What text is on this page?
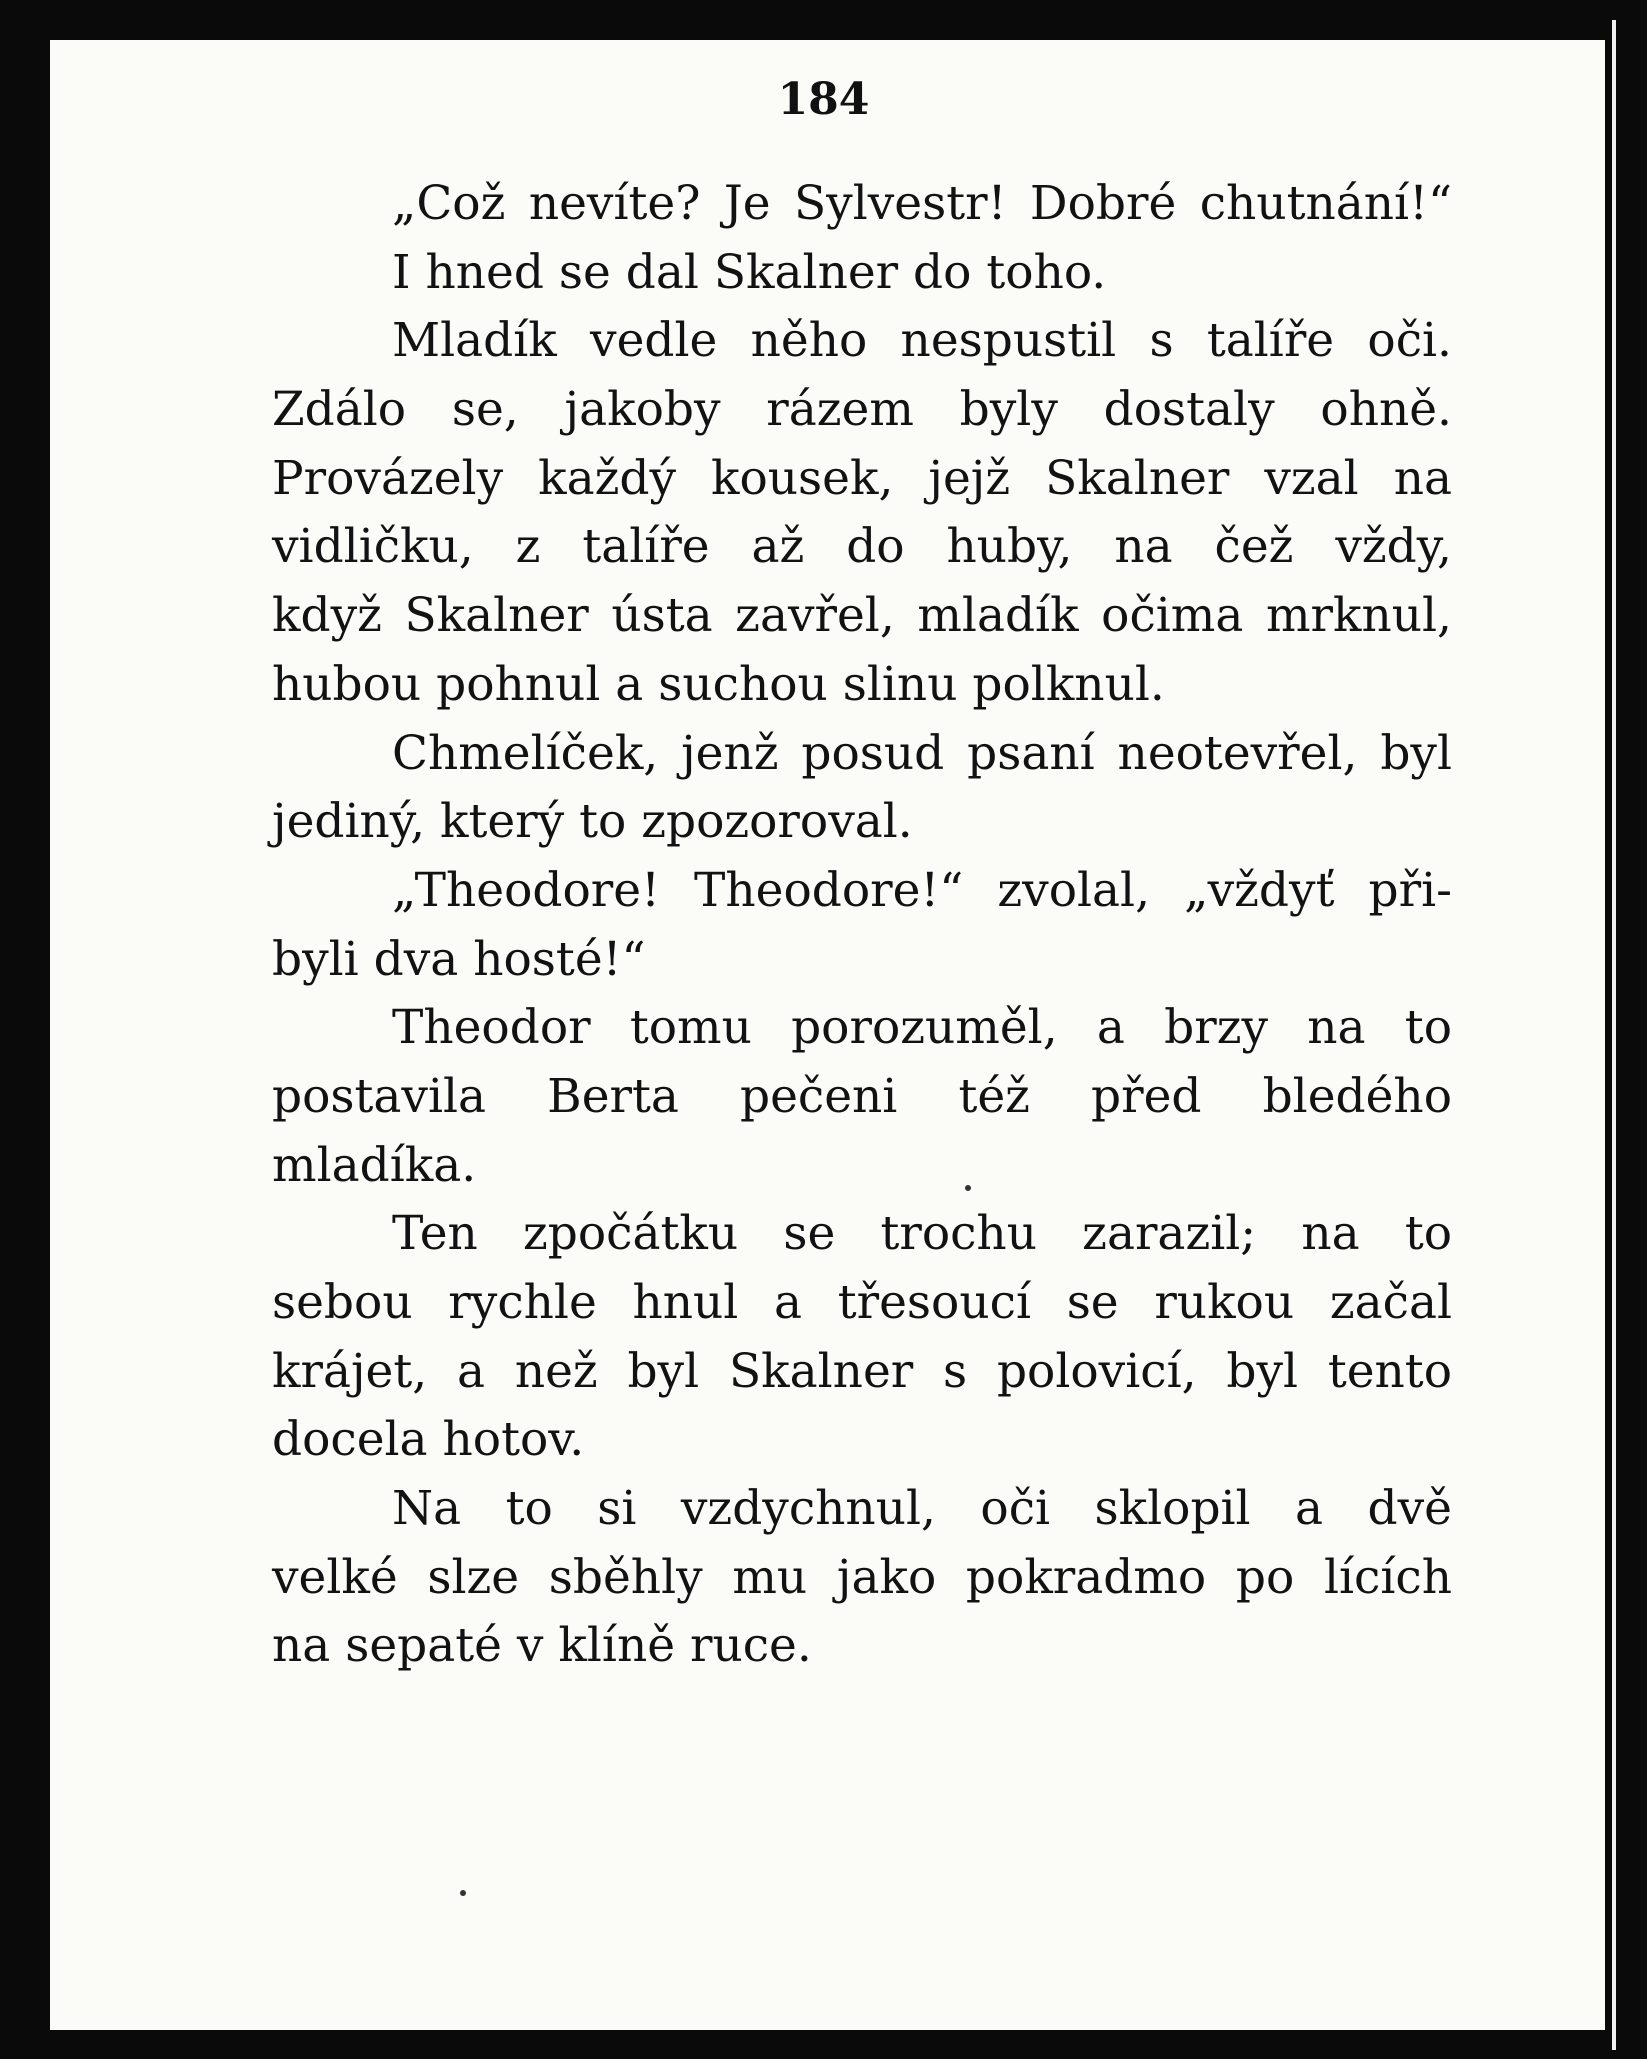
184
„Což nevíte? Je Sylvestr! Dobré chutnání!“
I hned se dal Skalner do toho.
Mladík vedle něho nespustil s talíře oči.
Zdálo se, jakoby rázem byly dostaly ohně.
Provázely každý kousek, jejž Skalner vzal na
vidličku, z talíře až do huby, na čež vždy,
když Skalner ústa zavřel, mladík očima mrknul,
hubou pohnul a suchou slinu polknul.
Chmelíček, jenž posud psaní neotevřel, byl
jediný, který to zpozoroval.
„Theodore! Theodore!“ zvolal, „vždyť při-
byli dva hosté!“
Theodor tomu porozuměl, a brzy na to
postavila Berta pečeni též před bledého
mladíka.
Ten zpočátku se trochu zarazil; na to
sebou rychle hnul a třesoucí se rukou začal
krájet, a než byl Skalner s polovicí, byl tento
docela hotov.
Na to si vzdychnul, oči sklopil a dvě
velké slze sběhly mu jako pokradmo po lících
na sepaté v klíně ruce.
